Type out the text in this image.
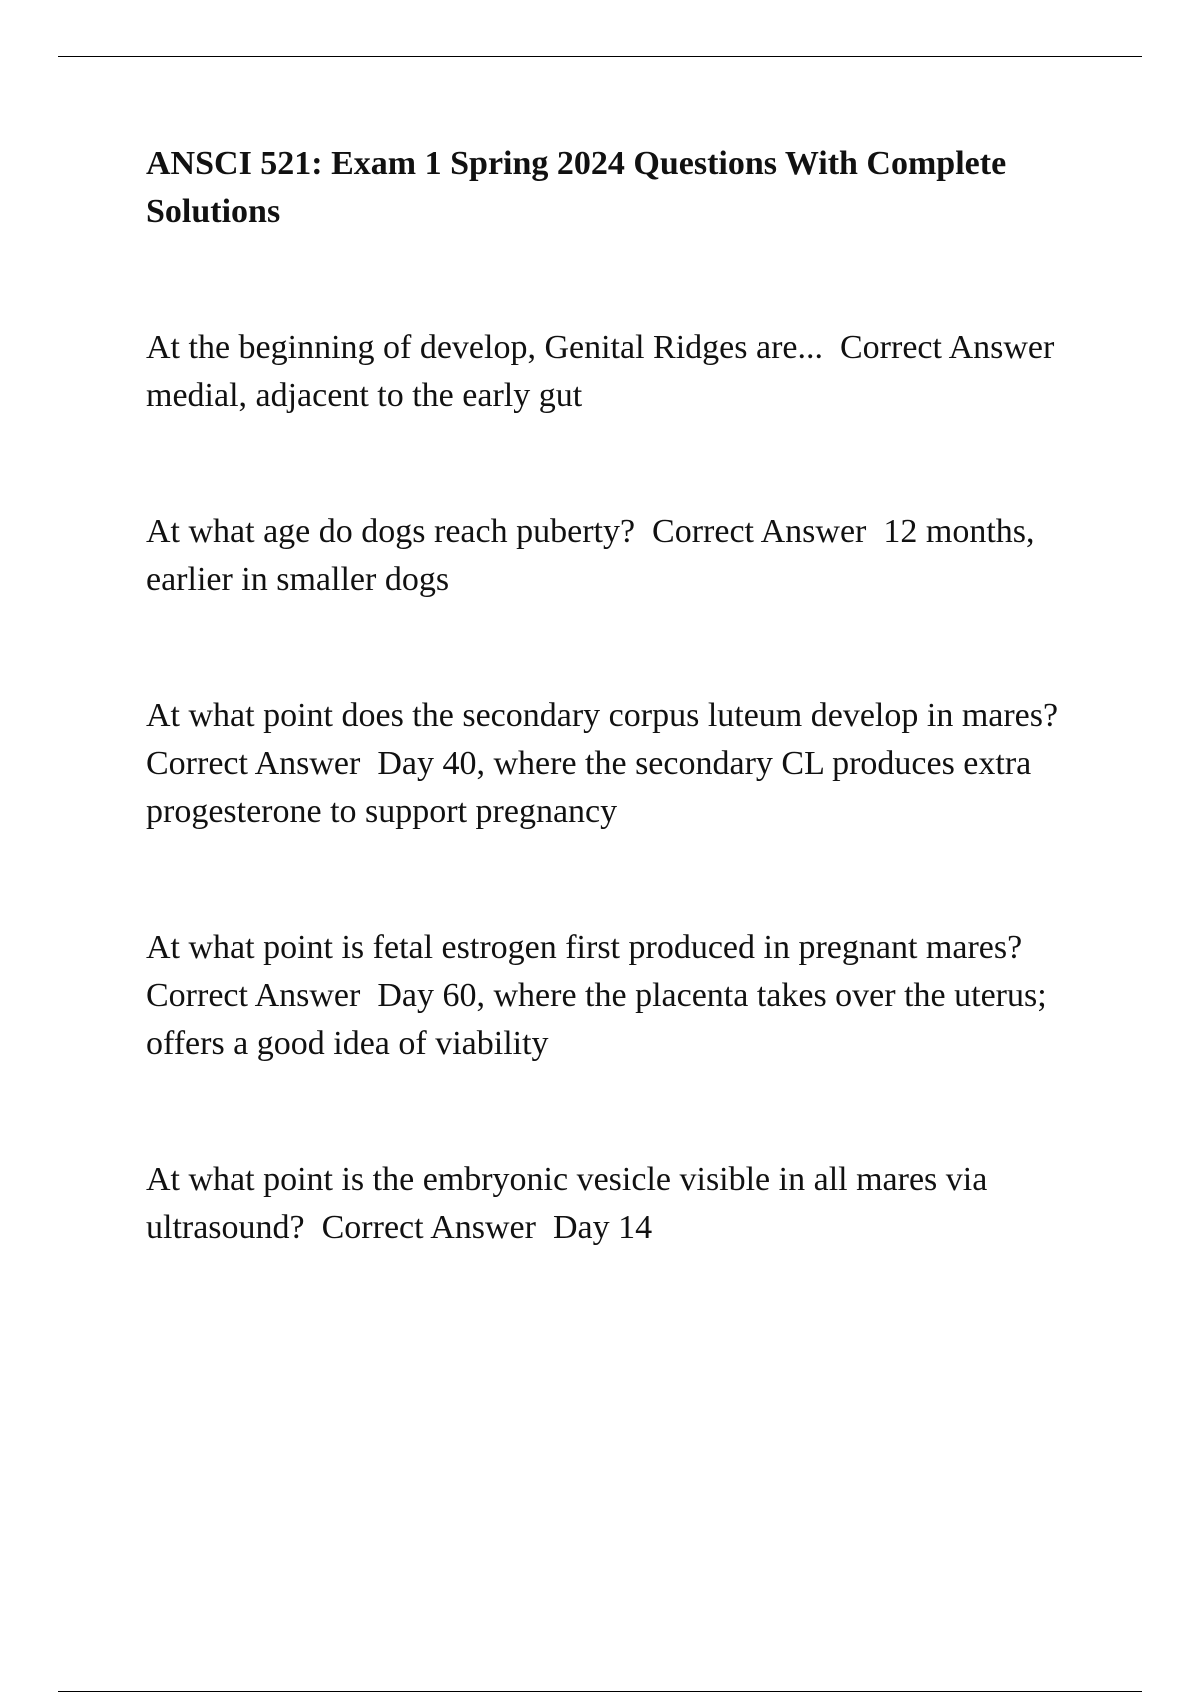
ANSCI 521: Exam 1 Spring 2024 Questions With Complete Solutions

At the beginning of develop, Genital Ridges are...  Correct Answer  medial, adjacent to the early gut

At what age do dogs reach puberty?  Correct Answer  12 months, earlier in smaller dogs

At what point does the secondary corpus luteum develop in mares?  Correct Answer  Day 40, where the secondary CL produces extra progesterone to support pregnancy

At what point is fetal estrogen first produced in pregnant mares?  Correct Answer  Day 60, where the placenta takes over the uterus; offers a good idea of viability

At what point is the embryonic vesicle visible in all mares via ultrasound?  Correct Answer  Day 14
